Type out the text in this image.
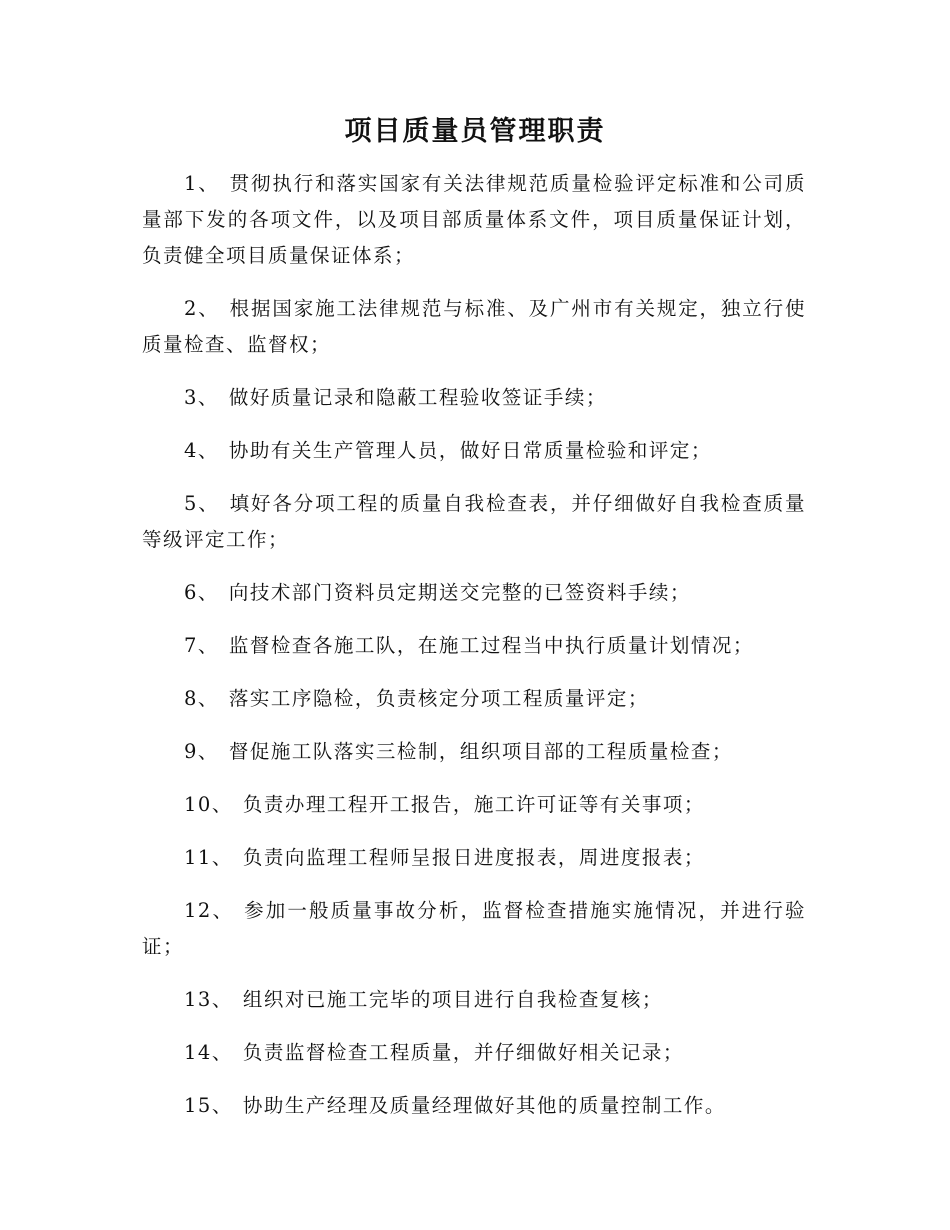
项目质量员管理职责

1、 贯彻执行和落实国家有关法律规范质量检验评定标准和公司质量部下发的各项文件，以及项目部质量体系文件，项目质量保证计划，负责健全项目质量保证体系；

2、 根据国家施工法律规范与标准、及广州市有关规定，独立行使质量检查、监督权；

3、 做好质量记录和隐蔽工程验收签证手续；

4、 协助有关生产管理人员，做好日常质量检验和评定；

5、 填好各分项工程的质量自我检查表，并仔细做好自我检查质量等级评定工作；

6、 向技术部门资料员定期送交完整的已签资料手续；

7、 监督检查各施工队，在施工过程当中执行质量计划情况；

8、 落实工序隐检，负责核定分项工程质量评定；

9、 督促施工队落实三检制，组织项目部的工程质量检查；

10、 负责办理工程开工报告，施工许可证等有关事项；

11、 负责向监理工程师呈报日进度报表，周进度报表；

12、 参加一般质量事故分析，监督检查措施实施情况，并进行验证；

13、 组织对已施工完毕的项目进行自我检查复核；

14、 负责监督检查工程质量，并仔细做好相关记录；

15、 协助生产经理及质量经理做好其他的质量控制工作。
